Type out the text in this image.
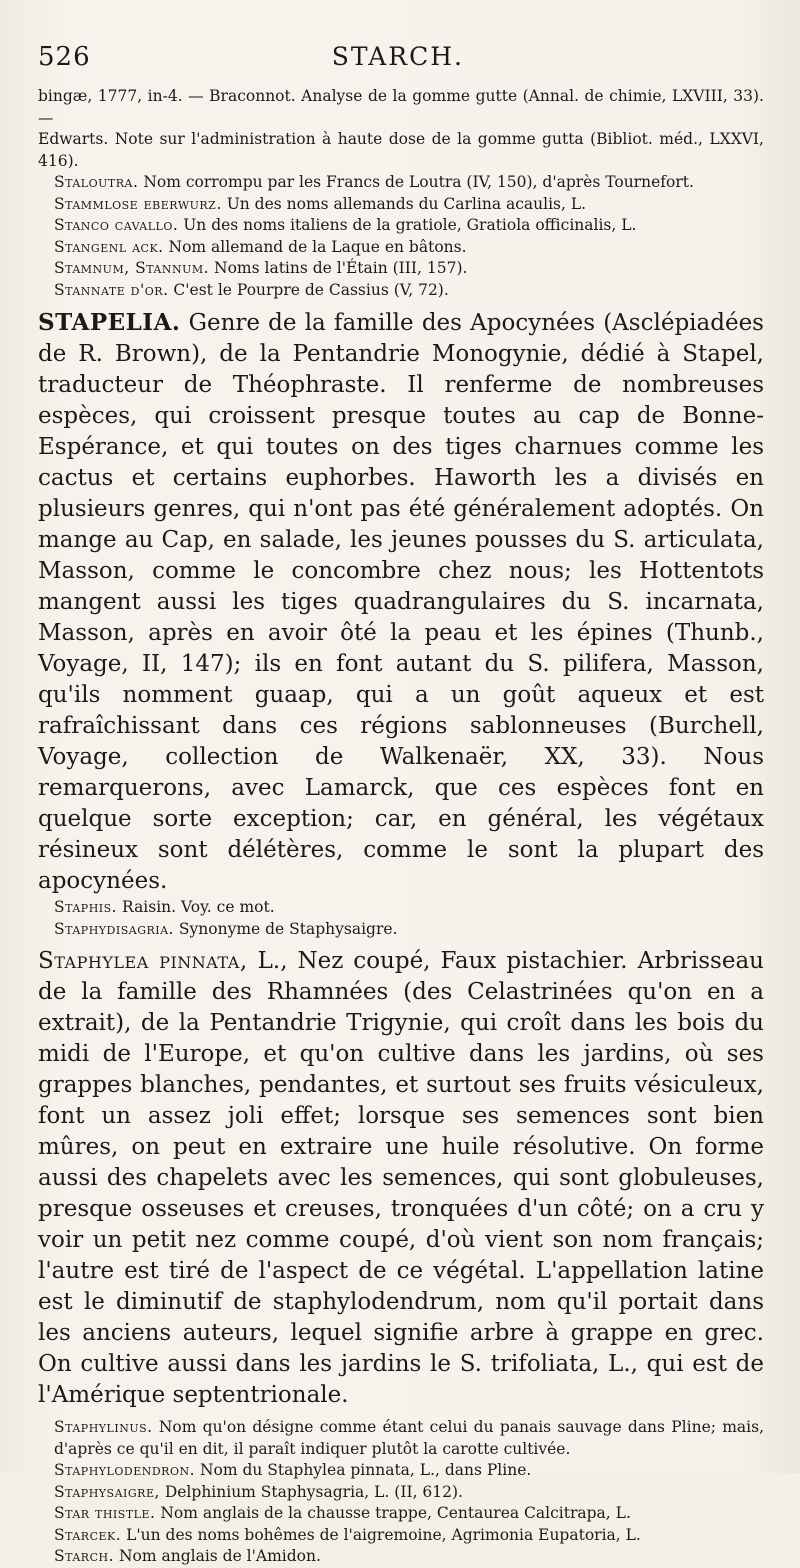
526	STARCH.

bingæ, 1777, in-4. — Braconnot. Analyse de la gomme gutte (Annal. de chimie, LXVIII, 33). —

Edwarts. Note sur l'administration à haute dose de la gomme gutta (Bibliot. méd., LXXVI, 416).

Staloutra. Nom corrompu par les Francs de Loutra (IV, 150), d'après Tournefort.

Stammlose eberwurz. Un des noms allemands du Carlina acaulis, L.

Stanco cavallo. Un des noms italiens de la gratiole, Gratiola officinalis, L.

Stangenl ack. Nom allemand de la Laque en bâtons.

Stamnum, Stannum. Noms latins de l'Étain (III, 157).

Stannate d'or. C'est le Pourpre de Cassius (V, 72).

STAPELIA. Genre de la famille des Apocynées (Asclépiadées de R. Brown), de la Pentandrie Monogynie, dédié à Stapel, traducteur de Théophraste. Il renferme de nombreuses espèces, qui croissent presque toutes au cap de Bonne-Espérance, et qui toutes on des tiges charnues comme les cactus et certains euphorbes. Haworth les a divisés en plusieurs genres, qui n'ont pas été généralement adoptés. On mange au Cap, en salade, les jeunes pousses du S. articulata, Masson, comme le concombre chez nous; les Hottentots mangent aussi les tiges quadrangulaires du S. incarnata, Masson, après en avoir ôté la peau et les épines (Thunb., Voyage, II, 147); ils en font autant du S. pilifera, Masson, qu'ils nomment guaap, qui a un goût aqueux et est rafraîchissant dans ces régions sablonneuses (Burchell, Voyage, collection de Walkenaër, XX, 33). Nous remarquerons, avec Lamarck, que ces espèces font en quelque sorte exception; car, en général, les végétaux résineux sont délétères, comme le sont la plupart des apocynées.

Staphis. Raisin. Voy. ce mot.

Staphydisagria. Synonyme de Staphysaigre.

Staphylea pinnata, L., Nez coupé, Faux pistachier. Arbrisseau de la famille des Rhamnées (des Celastrinées qu'on en a extrait), de la Pentandrie Trigynie, qui croît dans les bois du midi de l'Europe, et qu'on cultive dans les jardins, où ses grappes blanches, pendantes, et surtout ses fruits vésiculeux, font un assez joli effet; lorsque ses semences sont bien mûres, on peut en extraire une huile résolutive. On forme aussi des chapelets avec les semences, qui sont globuleuses, presque osseuses et creuses, tronquées d'un côté; on a cru y voir un petit nez comme coupé, d'où vient son nom français; l'autre est tiré de l'aspect de ce végétal. L'appellation latine est le diminutif de staphylodendrum, nom qu'il portait dans les anciens auteurs, lequel signifie arbre à grappe en grec. On cultive aussi dans les jardins le S. trifoliata, L., qui est de l'Amérique septentrionale.

Staphylinus. Nom qu'on désigne comme étant celui du panais sauvage dans Pline; mais, d'après ce qu'il en dit, il paraît indiquer plutôt la carotte cultivée.

Staphylodendron. Nom du Staphylea pinnata, L., dans Pline.

Staphysaigre, Delphinium Staphysagria, L. (II, 612).

Star thistle. Nom anglais de la chausse trappe, Centaurea Calcitrapa, L.

Starcek. L'un des noms bohêmes de l'aigremoine, Agrimonia Eupatoria, L.

Starch. Nom anglais de l'Amidon.
